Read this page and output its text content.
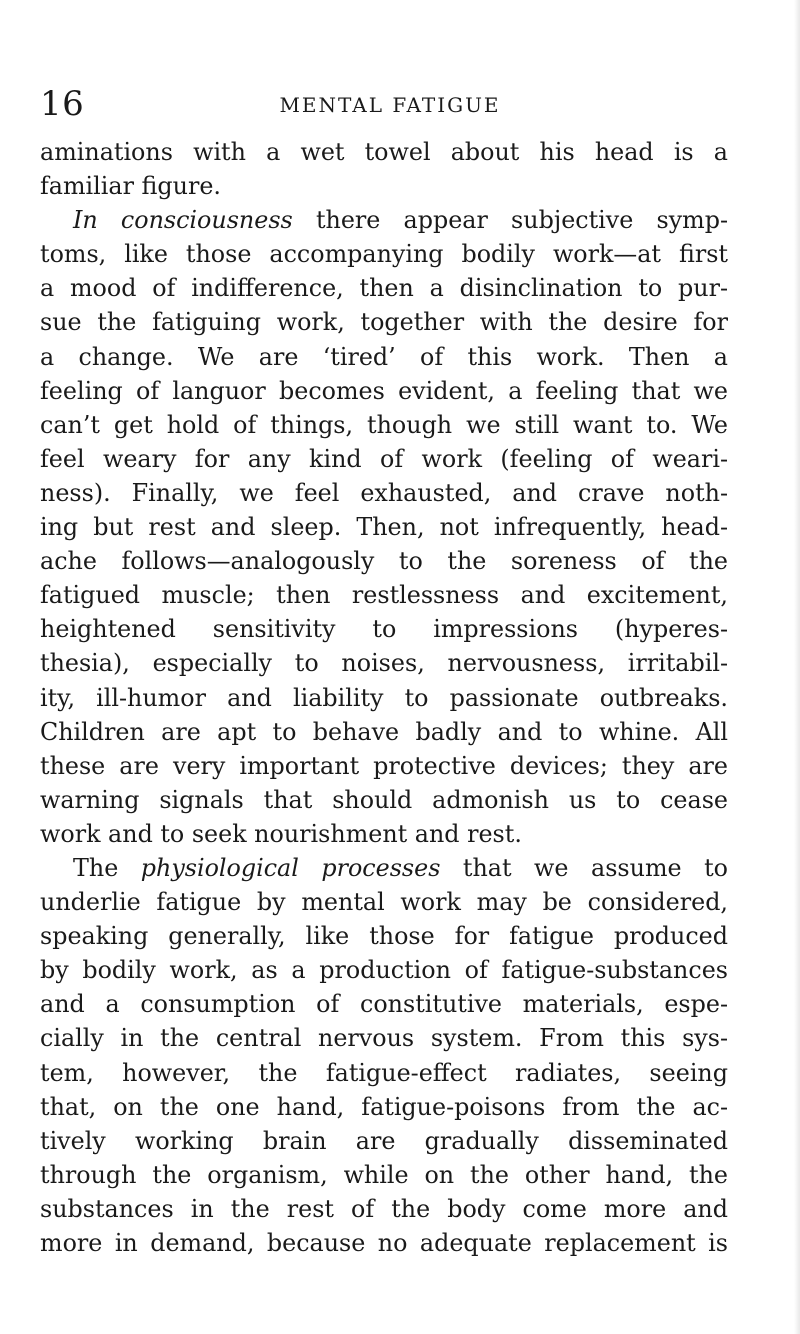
16	MENTAL FATIGUE
aminations with a wet towel about his head is a
familiar figure.
In consciousness there appear subjective symp-
toms, like those accompanying bodily work—at first
a mood of indifference, then a disinclination to pur-
sue the fatiguing work, together with the desire for
a change. We are ‘tired’ of this work. Then a
feeling of languor becomes evident, a feeling that we
can’t get hold of things, though we still want to. We
feel weary for any kind of work (feeling of weari-
ness). Finally, we feel exhausted, and crave noth-
ing but rest and sleep. Then, not infrequently, head-
ache follows—analogously to the soreness of the
fatigued muscle; then restlessness and excitement,
heightened sensitivity to impressions (hyperes-
thesia), especially to noises, nervousness, irritabil-
ity, ill-humor and liability to passionate outbreaks.
Children are apt to behave badly and to whine. All
these are very important protective devices; they are
warning signals that should admonish us to cease
work and to seek nourishment and rest.
The physiological processes that we assume to
underlie fatigue by mental work may be considered,
speaking generally, like those for fatigue produced
by bodily work, as a production of fatigue-substances
and a consumption of constitutive materials, espe-
cially in the central nervous system. From this sys-
tem, however, the fatigue-effect radiates, seeing
that, on the one hand, fatigue-poisons from the ac-
tively working brain are gradually disseminated
through the organism, while on the other hand, the
substances in the rest of the body come more and
more in demand, because no adequate replacement is
